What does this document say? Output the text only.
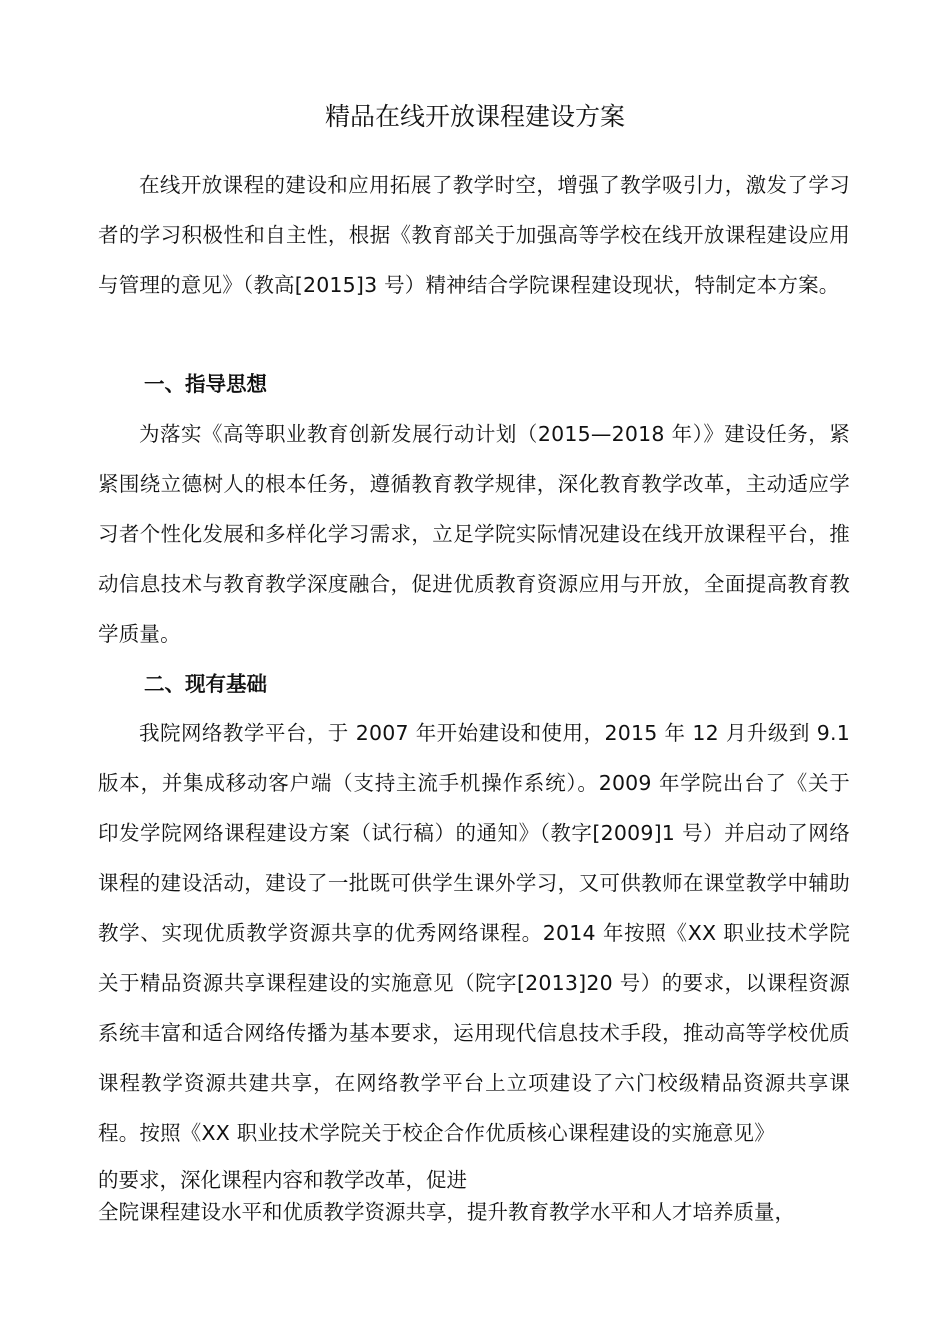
精品在线开放课程建设方案

在线开放课程的建设和应用拓展了教学时空，增强了教学吸引力，激发了学习者的学习积极性和自主性，根据《教育部关于加强高等学校在线开放课程建设应用与管理的意见》（教高[2015]3 号）精神结合学院课程建设现状，特制定本方案。

一、指导思想

为落实《高等职业教育创新发展行动计划（2015—2018 年）》建设任务，紧紧围绕立德树人的根本任务，遵循教育教学规律，深化教育教学改革，主动适应学习者个性化发展和多样化学习需求，立足学院实际情况建设在线开放课程平台，推动信息技术与教育教学深度融合，促进优质教育资源应用与开放，全面提高教育教学质量。

二、现有基础

我院网络教学平台，于 2007 年开始建设和使用，2015 年 12 月升级到 9.1 版本，并集成移动客户端（支持主流手机操作系统）。2009 年学院出台了《关于印发学院网络课程建设方案（试行稿）的通知》（教字[2009]1 号）并启动了网络课程的建设活动，建设了一批既可供学生课外学习，又可供教师在课堂教学中辅助教学、实现优质教学资源共享的优秀网络课程。2014 年按照《XX 职业技术学院关于精品资源共享课程建设的实施意见（院字[2013]20 号）的要求，以课程资源系统丰富和适合网络传播为基本要求，运用现代信息技术手段，推动高等学校优质课程教学资源共建共享，在网络教学平台上立项建设了六门校级精品资源共享课程。按照《XX 职业技术学院关于校企合作优质核心课程建设的实施意见》

的要求，深化课程内容和教学改革，促进

全院课程建设水平和优质教学资源共享，提升教育教学水平和人才培养质量，
